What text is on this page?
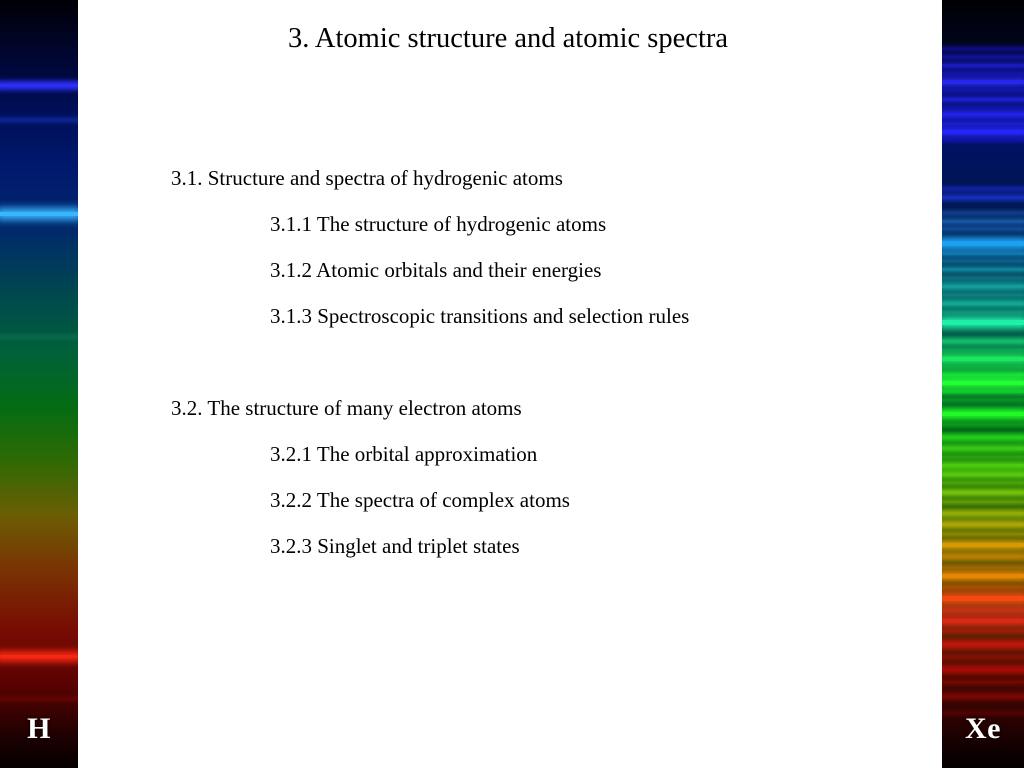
H	Xe
3. Atomic structure and atomic spectra
3.1. Structure and spectra of hydrogenic atoms
3.1.1 The structure of hydrogenic atoms
3.1.2 Atomic orbitals and their energies
3.1.3 Spectroscopic transitions and selection rules
3.2. The structure of many electron atoms
3.2.1 The orbital approximation
3.2.2 The spectra of complex atoms
3.2.3 Singlet and triplet states
